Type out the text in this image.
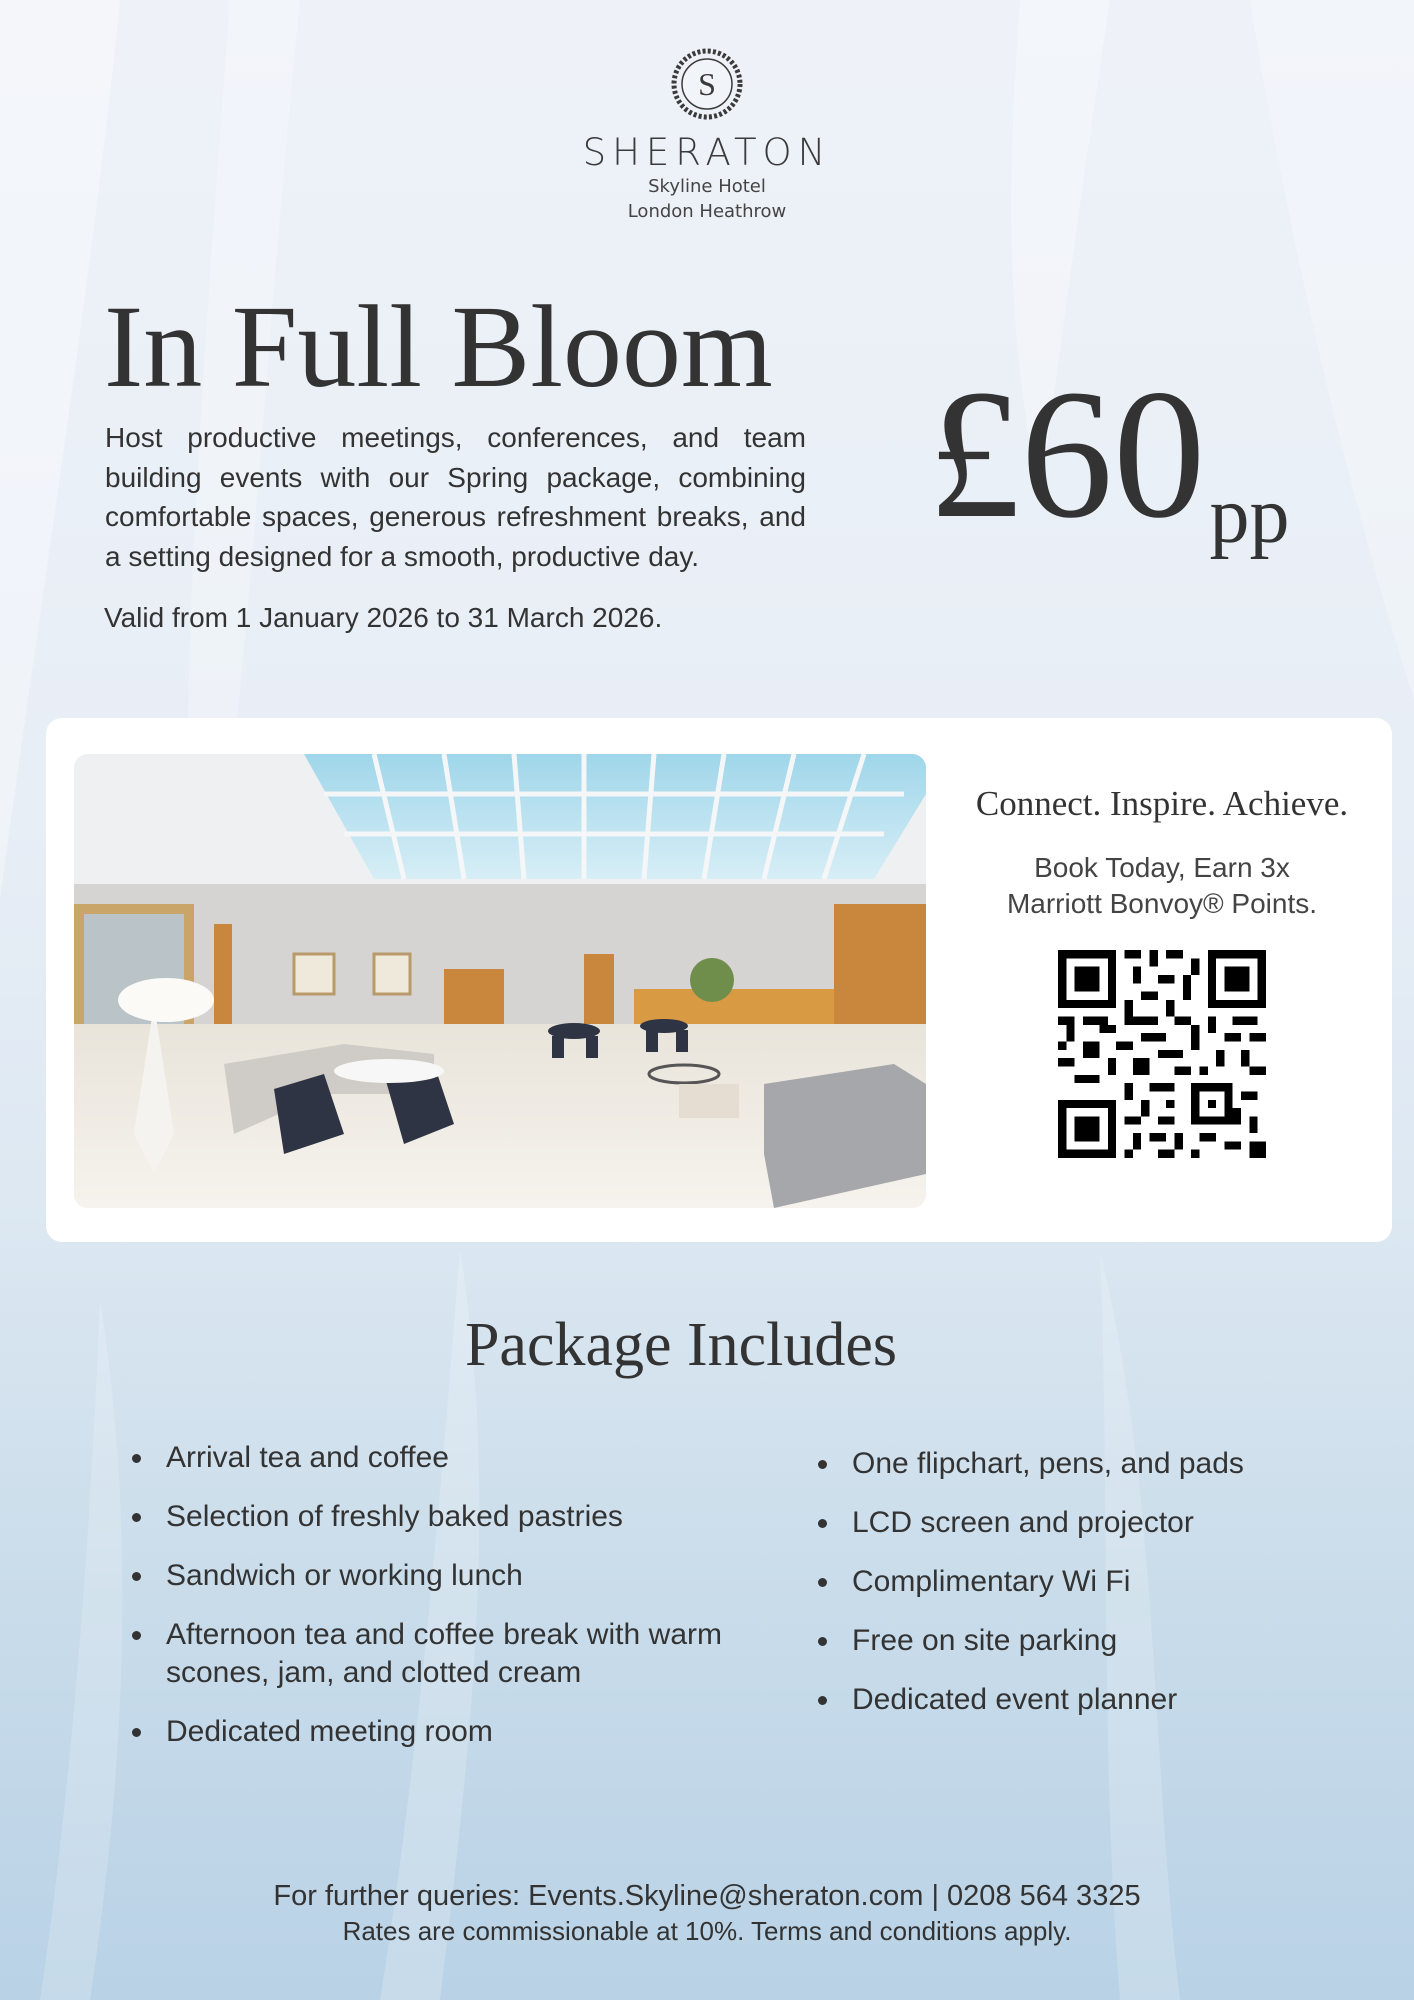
S
SHERATON
Skyline Hotel
London Heathrow
In Full Bloom

Host productive meetings, conferences, and team building events with our Spring package, combining comfortable spaces, generous refreshment breaks, and a setting designed for a smooth, productive day.

Valid from 1 January 2026 to 31 March 2026.

£60pp

Connect. Inspire. Achieve.

Book Today, Earn 3x
Marriott Bonvoy® Points.

Package Includes
Arrival tea and coffee
Selection of freshly baked pastries
Sandwich or working lunch
Afternoon tea and coffee break with warm scones, jam, and clotted cream
Dedicated meeting room
One flipchart, pens, and pads
LCD screen and projector
Complimentary Wi Fi
Free on site parking
Dedicated event planner
For further queries: Events.Skyline@sheraton.com | 0208 564 3325
Rates are commissionable at 10%. Terms and conditions apply.
